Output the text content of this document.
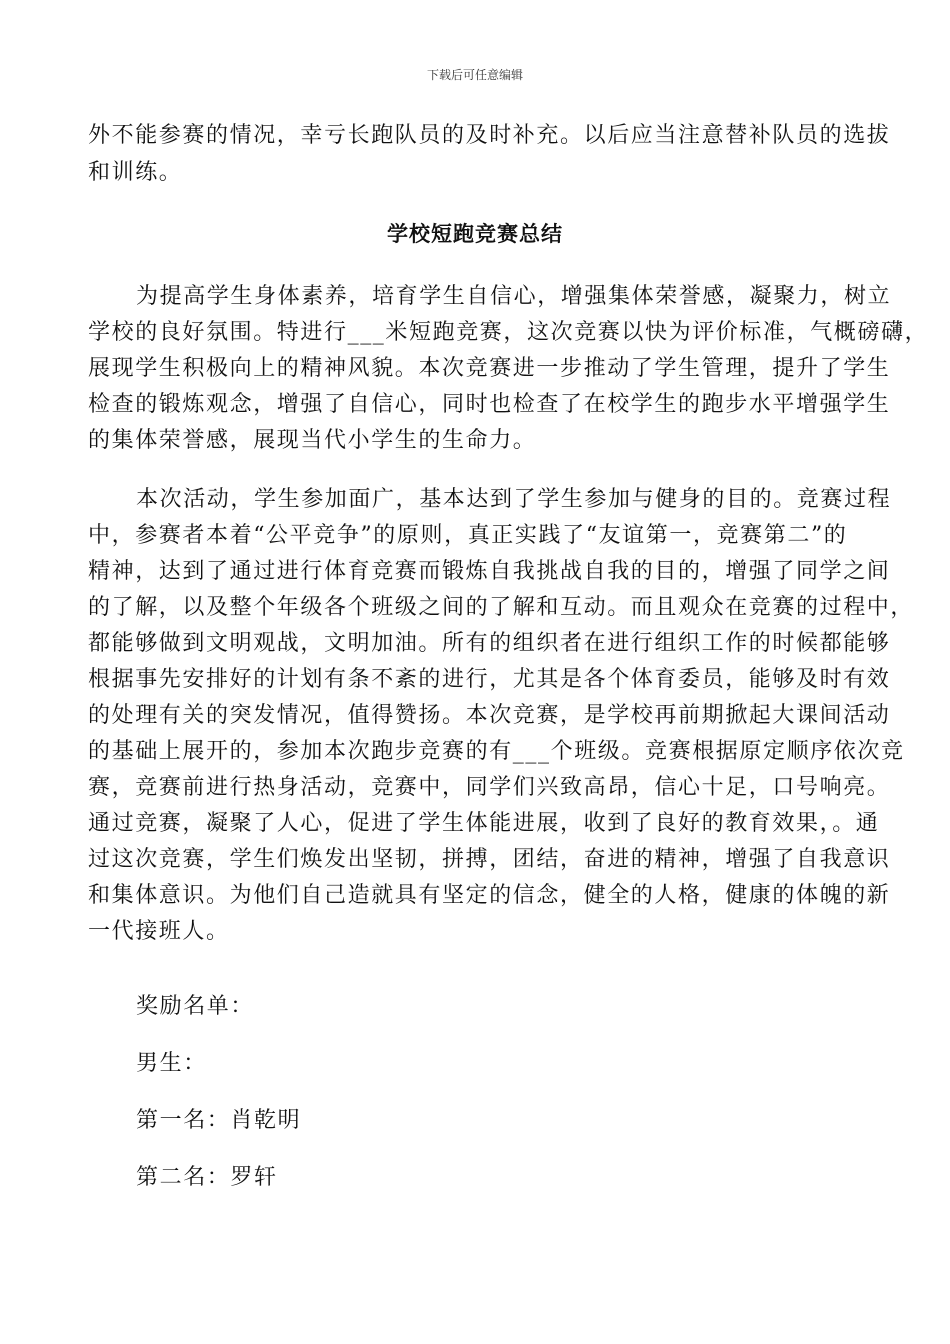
下载后可任意编辑
外不能参赛的情况，幸亏长跑队员的及时补充。以后应当注意替补队员的选拔
和训练。
学校短跑竞赛总结
为提高学生身体素养，培育学生自信心，增强集体荣誉感，凝聚力，树立
学校的良好氛围。特进行___米短跑竞赛，这次竞赛以快为评价标准，气概磅礴，
展现学生积极向上的精神风貌。本次竞赛进一步推动了学生管理，提升了学生
检查的锻炼观念，增强了自信心，同时也检查了在校学生的跑步水平增强学生
的集体荣誉感，展现当代小学生的生命力。
本次活动，学生参加面广，基本达到了学生参加与健身的目的。竞赛过程
中，参赛者本着“公平竞争”的原则，真正实践了“友谊第一，竞赛第二”的
精神，达到了通过进行体育竞赛而锻炼自我挑战自我的目的，增强了同学之间
的了解，以及整个年级各个班级之间的了解和互动。而且观众在竞赛的过程中，
都能够做到文明观战，文明加油。所有的组织者在进行组织工作的时候都能够
根据事先安排好的计划有条不紊的进行，尤其是各个体育委员，能够及时有效
的处理有关的突发情况，值得赞扬。本次竞赛，是学校再前期掀起大课间活动
的基础上展开的，参加本次跑步竞赛的有___个班级。竞赛根据原定顺序依次竞
赛，竞赛前进行热身活动，竞赛中，同学们兴致高昂，信心十足，口号响亮。
通过竞赛，凝聚了人心，促进了学生体能进展，收到了良好的教育效果，。通
过这次竞赛，学生们焕发出坚韧，拼搏，团结，奋进的精神，增强了自我意识
和集体意识。为他们自己造就具有坚定的信念，健全的人格，健康的体魄的新
一代接班人。
奖励名单：
男生：
第一名：肖乾明
第二名：罗轩
